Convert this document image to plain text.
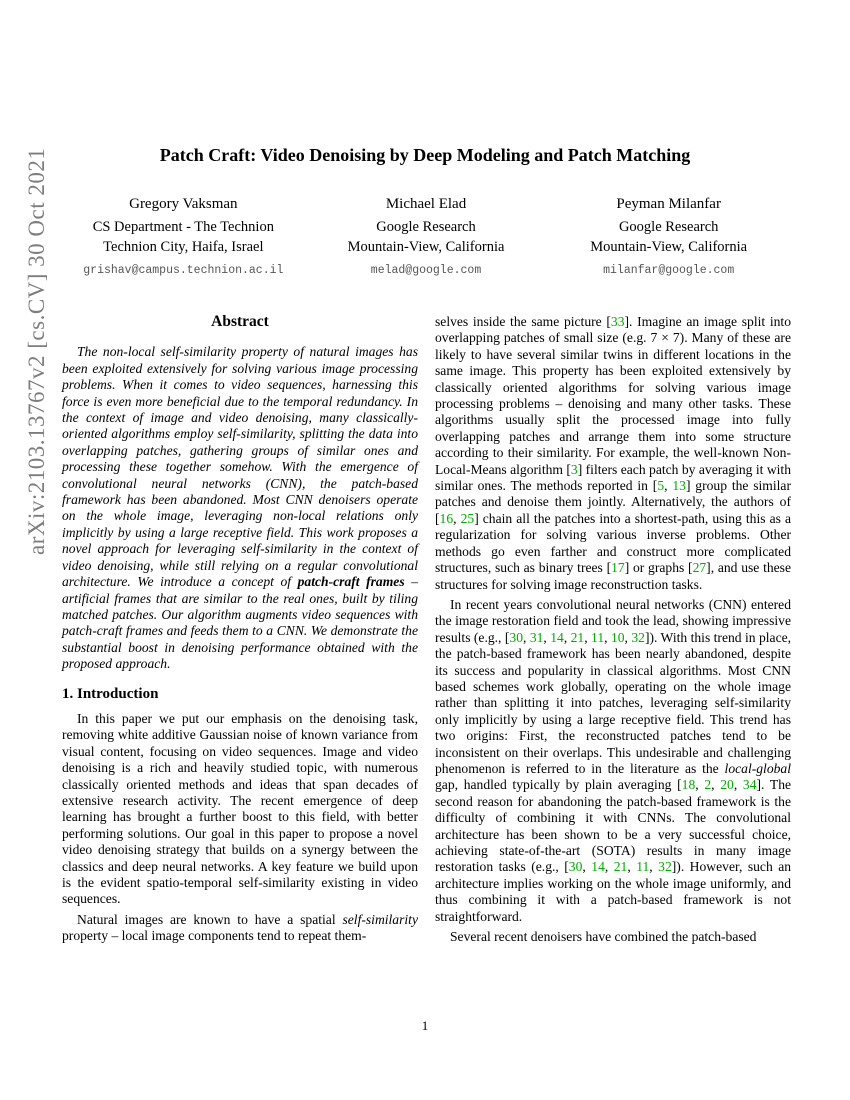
arXiv:2103.13767v2 [cs.CV] 30 Oct 2021	Patch Craft: Video Denoising by Deep Modeling and Patch Matching
Gregory Vaksman
CS Department - The Technion
Technion City, Haifa, Israel
grishav@campus.technion.ac.il
Michael Elad
Google Research
Mountain-View, California
melad@google.com
Peyman Milanfar
Google Research
Mountain-View, California
milanfar@google.com
Abstract

The non-local self-similarity property of natural images has been exploited extensively for solving various image processing problems. When it comes to video sequences, harnessing this force is even more beneficial due to the temporal redundancy. In the context of image and video denoising, many classically-oriented algorithms employ self-similarity, splitting the data into overlapping patches, gathering groups of similar ones and processing these together somehow. With the emergence of convolutional neural networks (CNN), the patch-based framework has been abandoned. Most CNN denoisers operate on the whole image, leveraging non-local relations only implicitly by using a large receptive field. This work proposes a novel approach for leveraging self-similarity in the context of video denoising, while still relying on a regular convolutional architecture. We introduce a concept of patch-craft frames – artificial frames that are similar to the real ones, built by tiling matched patches. Our algorithm augments video sequences with patch-craft frames and feeds them to a CNN. We demonstrate the substantial boost in denoising performance obtained with the proposed approach.

1. Introduction

In this paper we put our emphasis on the denoising task, removing white additive Gaussian noise of known variance from visual content, focusing on video sequences. Image and video denoising is a rich and heavily studied topic, with numerous classically oriented methods and ideas that span decades of extensive research activity. The recent emergence of deep learning has brought a further boost to this field, with better performing solutions. Our goal in this paper to propose a novel video denoising strategy that builds on a synergy between the classics and deep neural networks. A key feature we build upon is the evident spatio-temporal self-similarity existing in video sequences.

Natural images are known to have a spatial self-similarity property – local image components tend to repeat them-

selves inside the same picture [33]. Imagine an image split into overlapping patches of small size (e.g. 7 × 7). Many of these are likely to have several similar twins in different locations in the same image. This property has been exploited extensively by classically oriented algorithms for solving various image processing problems – denoising and many other tasks. These algorithms usually split the processed image into fully overlapping patches and arrange them into some structure according to their similarity. For example, the well-known Non-Local-Means algorithm [3] filters each patch by averaging it with similar ones. The methods reported in [5, 13] group the similar patches and denoise them jointly. Alternatively, the authors of [16, 25] chain all the patches into a shortest-path, using this as a regularization for solving various inverse problems. Other methods go even farther and construct more complicated structures, such as binary trees [17] or graphs [27], and use these structures for solving image reconstruction tasks.

In recent years convolutional neural networks (CNN) entered the image restoration field and took the lead, showing impressive results (e.g., [30, 31, 14, 21, 11, 10, 32]). With this trend in place, the patch-based framework has been nearly abandoned, despite its success and popularity in classical algorithms. Most CNN based schemes work globally, operating on the whole image rather than splitting it into patches, leveraging self-similarity only implicitly by using a large receptive field. This trend has two origins: First, the reconstructed patches tend to be inconsistent on their overlaps. This undesirable and challenging phenomenon is referred to in the literature as the local-global gap, handled typically by plain averaging [18, 2, 20, 34]. The second reason for abandoning the patch-based framework is the difficulty of combining it with CNNs. The convolutional architecture has been shown to be a very successful choice, achieving state-of-the-art (SOTA) results in many image restoration tasks (e.g., [30, 14, 21, 11, 32]). However, such an architecture implies working on the whole image uniformly, and thus combining it with a patch-based framework is not straightforward.

Several recent denoisers have combined the patch-based

1
